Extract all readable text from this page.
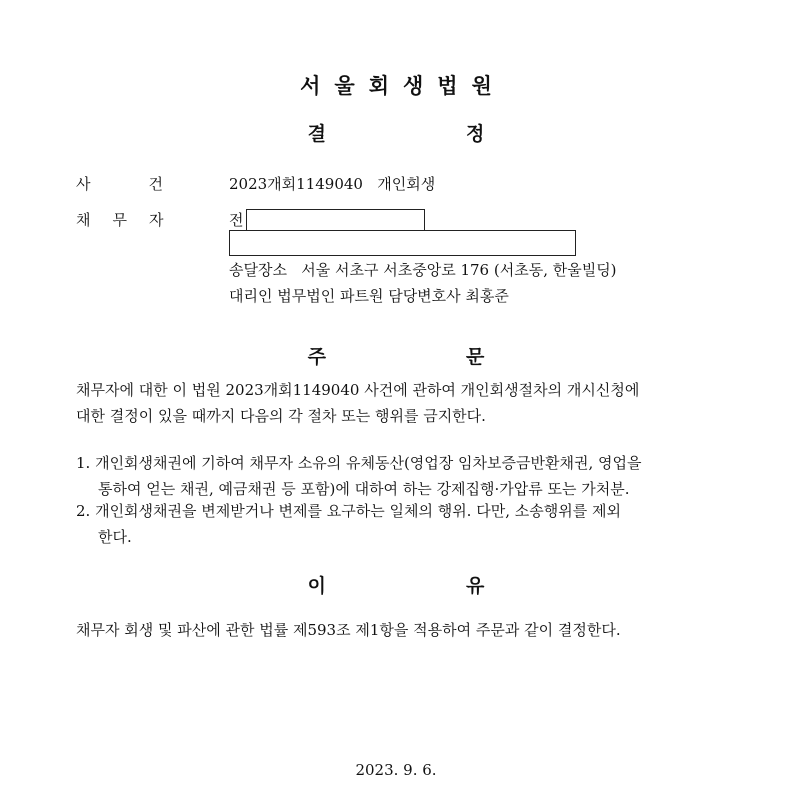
서울회생법원
결	정
사	건	2023개회1149040   개인회생
채 무 자	전
송달장소   서울 서초구 서초중앙로 176 (서초동, 한울빌딩)
대리인 법무법인 파트원 담당변호사 최홍준
주	문
채무자에 대한 이 법원 2023개회1149040 사건에 관하여 개인회생절차의 개시신청에
대한 결정이 있을 때까지 다음의 각 절차 또는 행위를 금지한다.
1. 개인회생채권에 기하여 채무자 소유의 유체동산(영업장 임차보증금반환채권, 영업을
통하여 얻는 채권, 예금채권 등 포함)에 대하여 하는 강제집행·가압류 또는 가처분.
2. 개인회생채권을 변제받거나 변제를 요구하는 일체의 행위. 다만, 소송행위를 제외
한다.
이	유
채무자 회생 및 파산에 관한 법률 제593조 제1항을 적용하여 주문과 같이 결정한다.
2023. 9. 6.
